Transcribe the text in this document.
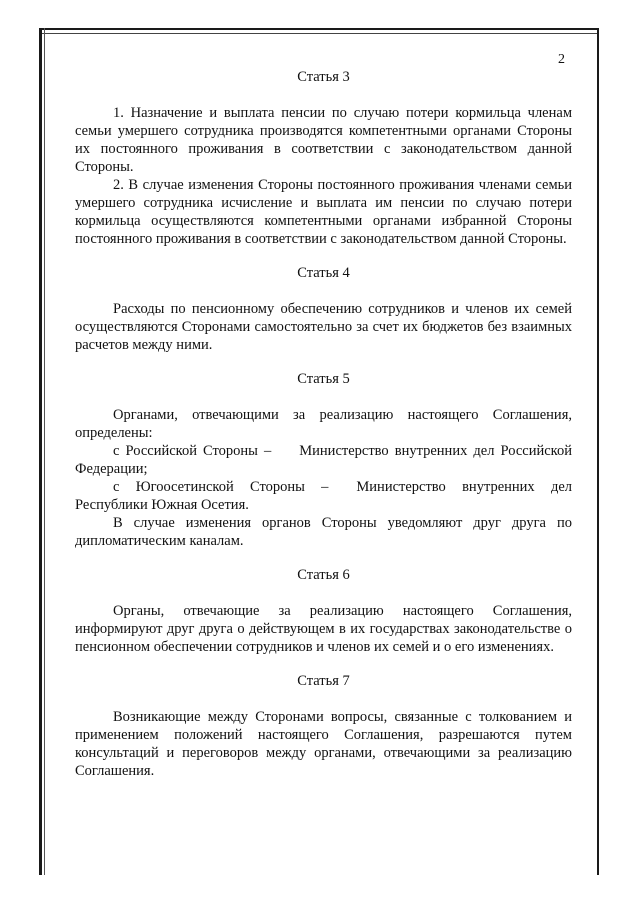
2

Статья 3

1. Назначение и выплата пенсии по случаю потери кормильца членам семьи умершего сотрудника производятся компетентными органами Стороны их постоянного проживания в соответствии с законодательством данной Стороны.

2. В случае изменения Стороны постоянного проживания членами семьи умершего сотрудника исчисление и выплата им пенсии по случаю потери кормильца осуществляются компетентными органами избранной Стороны постоянного проживания в соответствии с законодательством данной Стороны.

Статья 4

Расходы по пенсионному обеспечению сотрудников и членов их семей осуществляются Сторонами самостоятельно за счет их бюджетов без взаимных расчетов между ними.

Статья 5

Органами, отвечающими за реализацию настоящего Соглашения, определены:

с Российской Стороны – Министерство внутренних дел Российской Федерации;

с Югоосетинской Стороны – Министерство внутренних дел Республики Южная Осетия.

В случае изменения органов Стороны уведомляют друг друга по дипломатическим каналам.

Статья 6

Органы, отвечающие за реализацию настоящего Соглашения, информируют друг друга о действующем в их государствах законодательстве о пенсионном обеспечении сотрудников и членов их семей и о его изменениях.

Статья 7

Возникающие между Сторонами вопросы, связанные с толкованием и применением положений настоящего Соглашения, разрешаются путем консультаций и переговоров между органами, отвечающими за реализацию Соглашения.
